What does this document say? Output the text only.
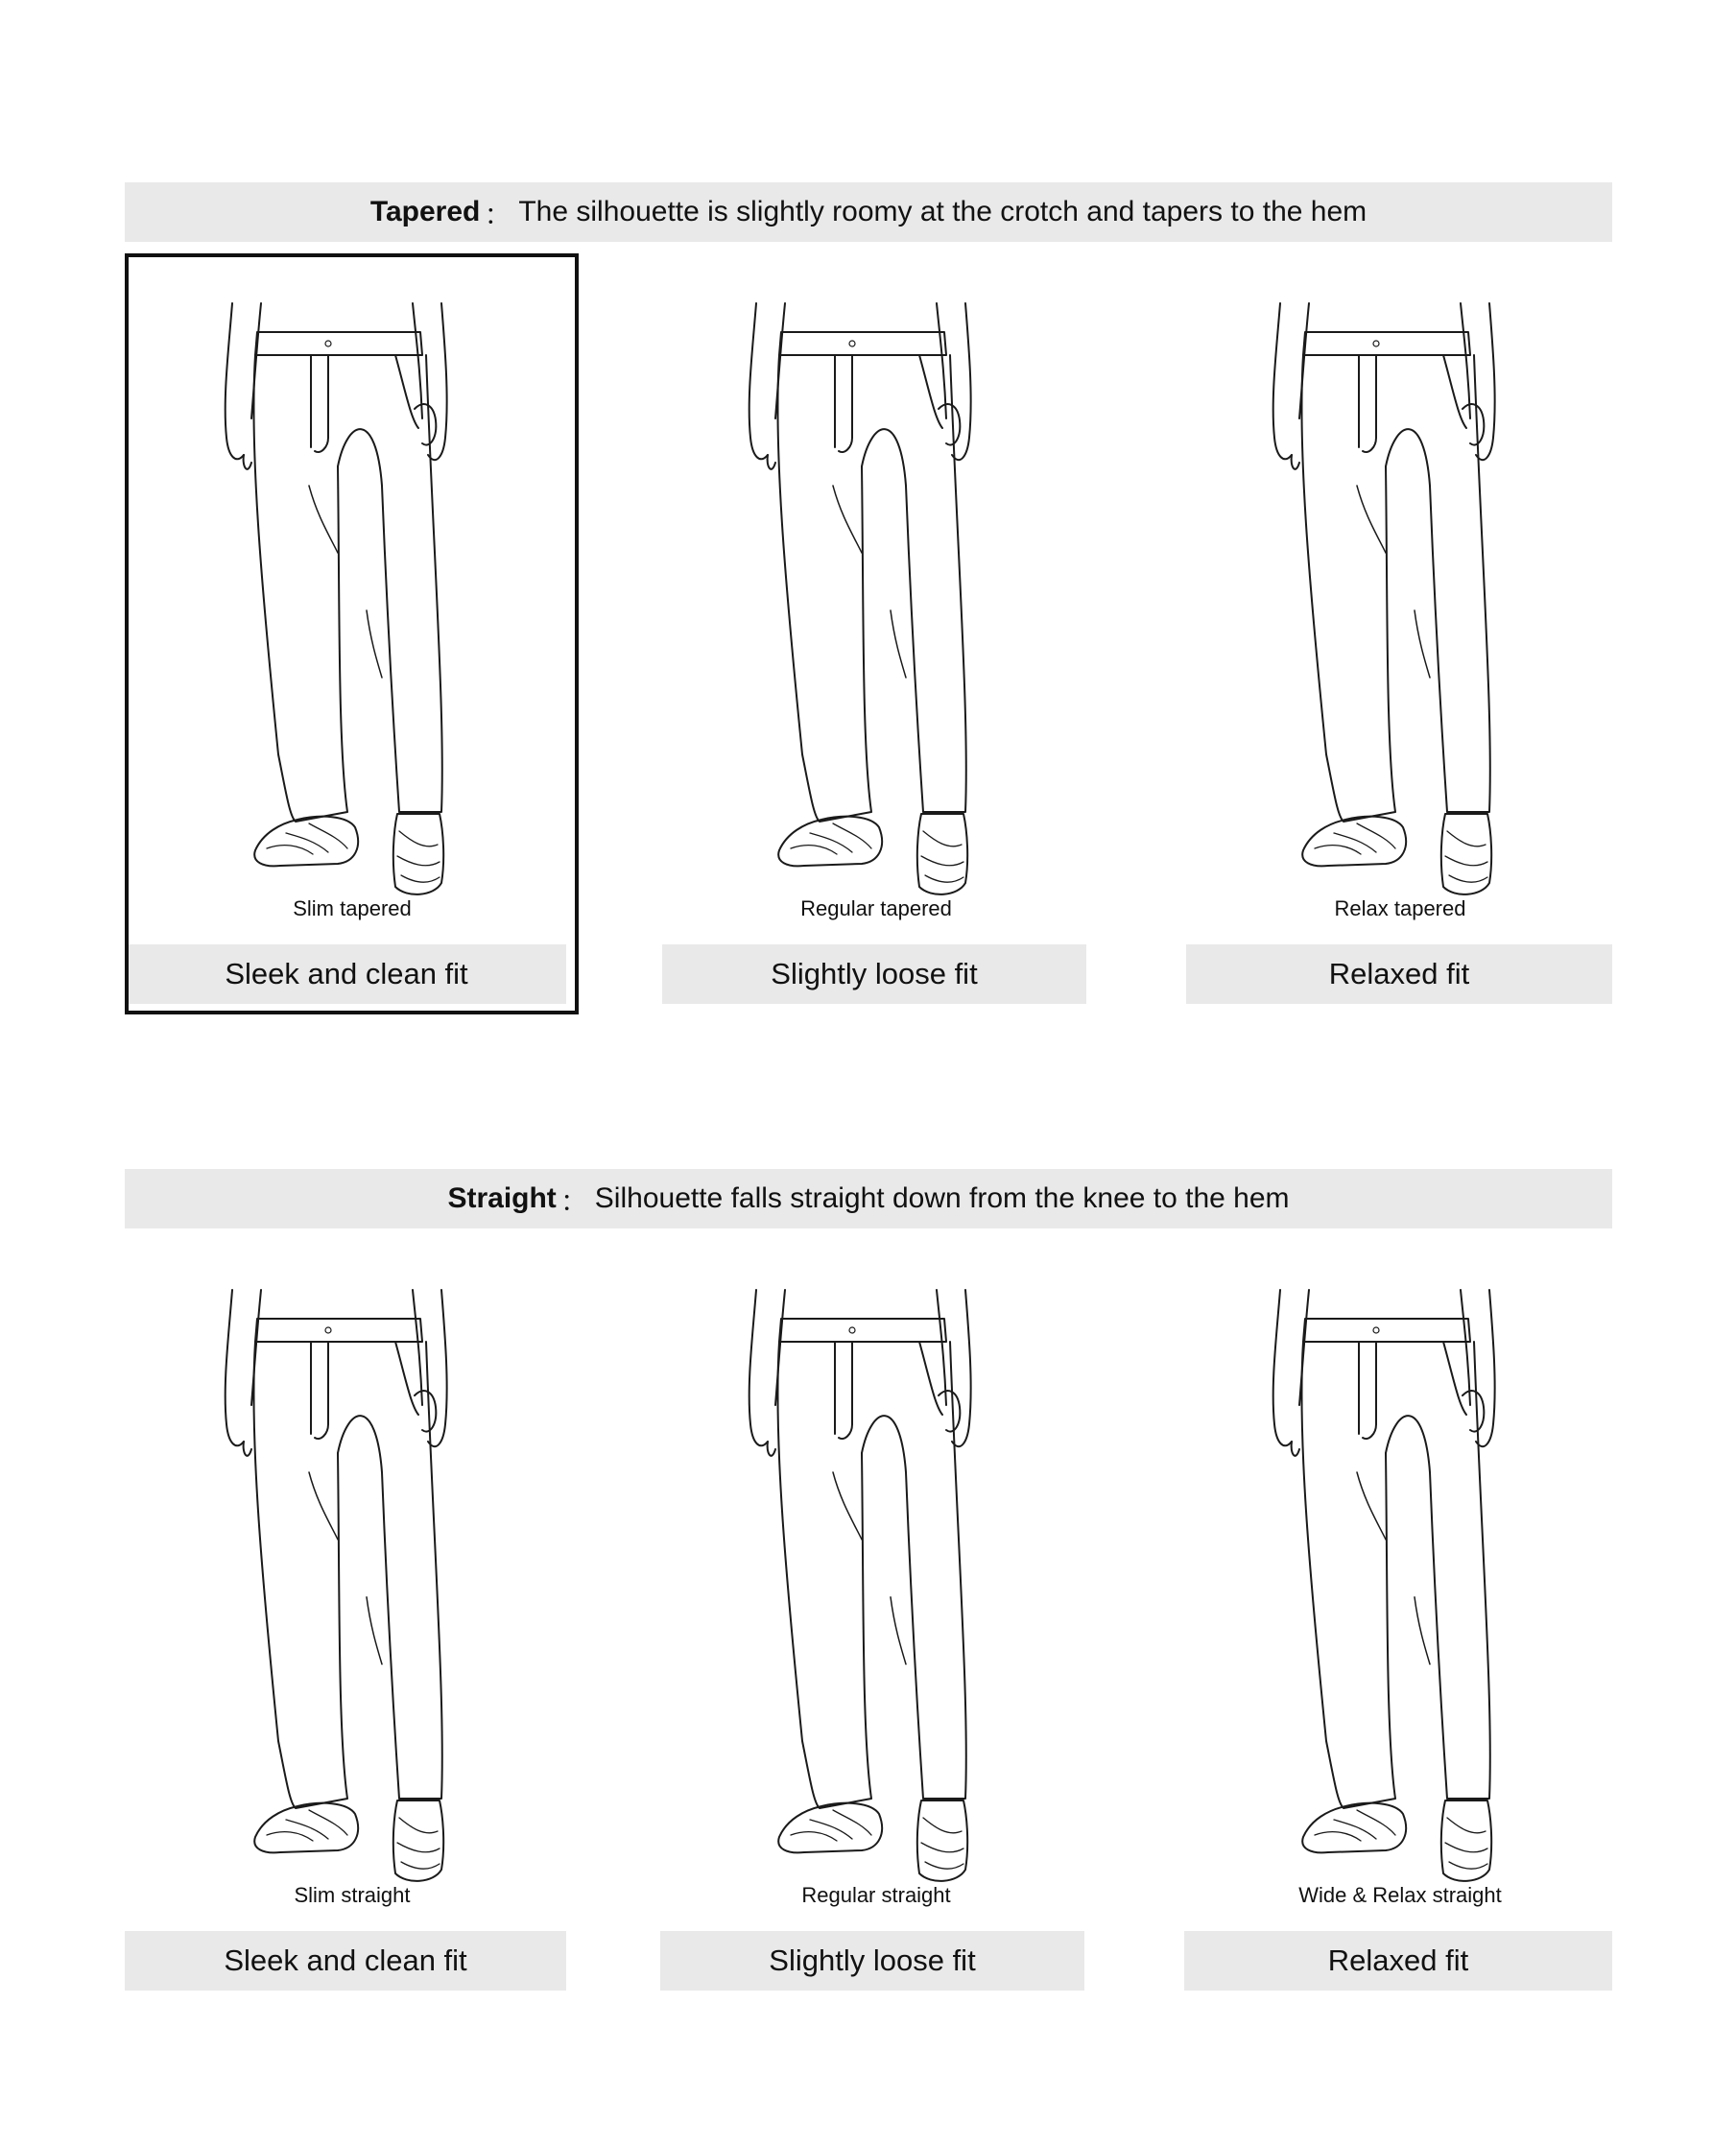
Tapered ： The silhouette is slightly roomy at the crotch and tapers to the hem
Slim tapered
Sleek and clean fit
Regular tapered
Slightly loose fit
Relax tapered
Relaxed fit
Straight ： Silhouette falls straight down from the knee to the hem
Slim straight
Sleek and clean fit
Regular straight
Slightly loose fit
Wide & Relax straight
Relaxed fit
